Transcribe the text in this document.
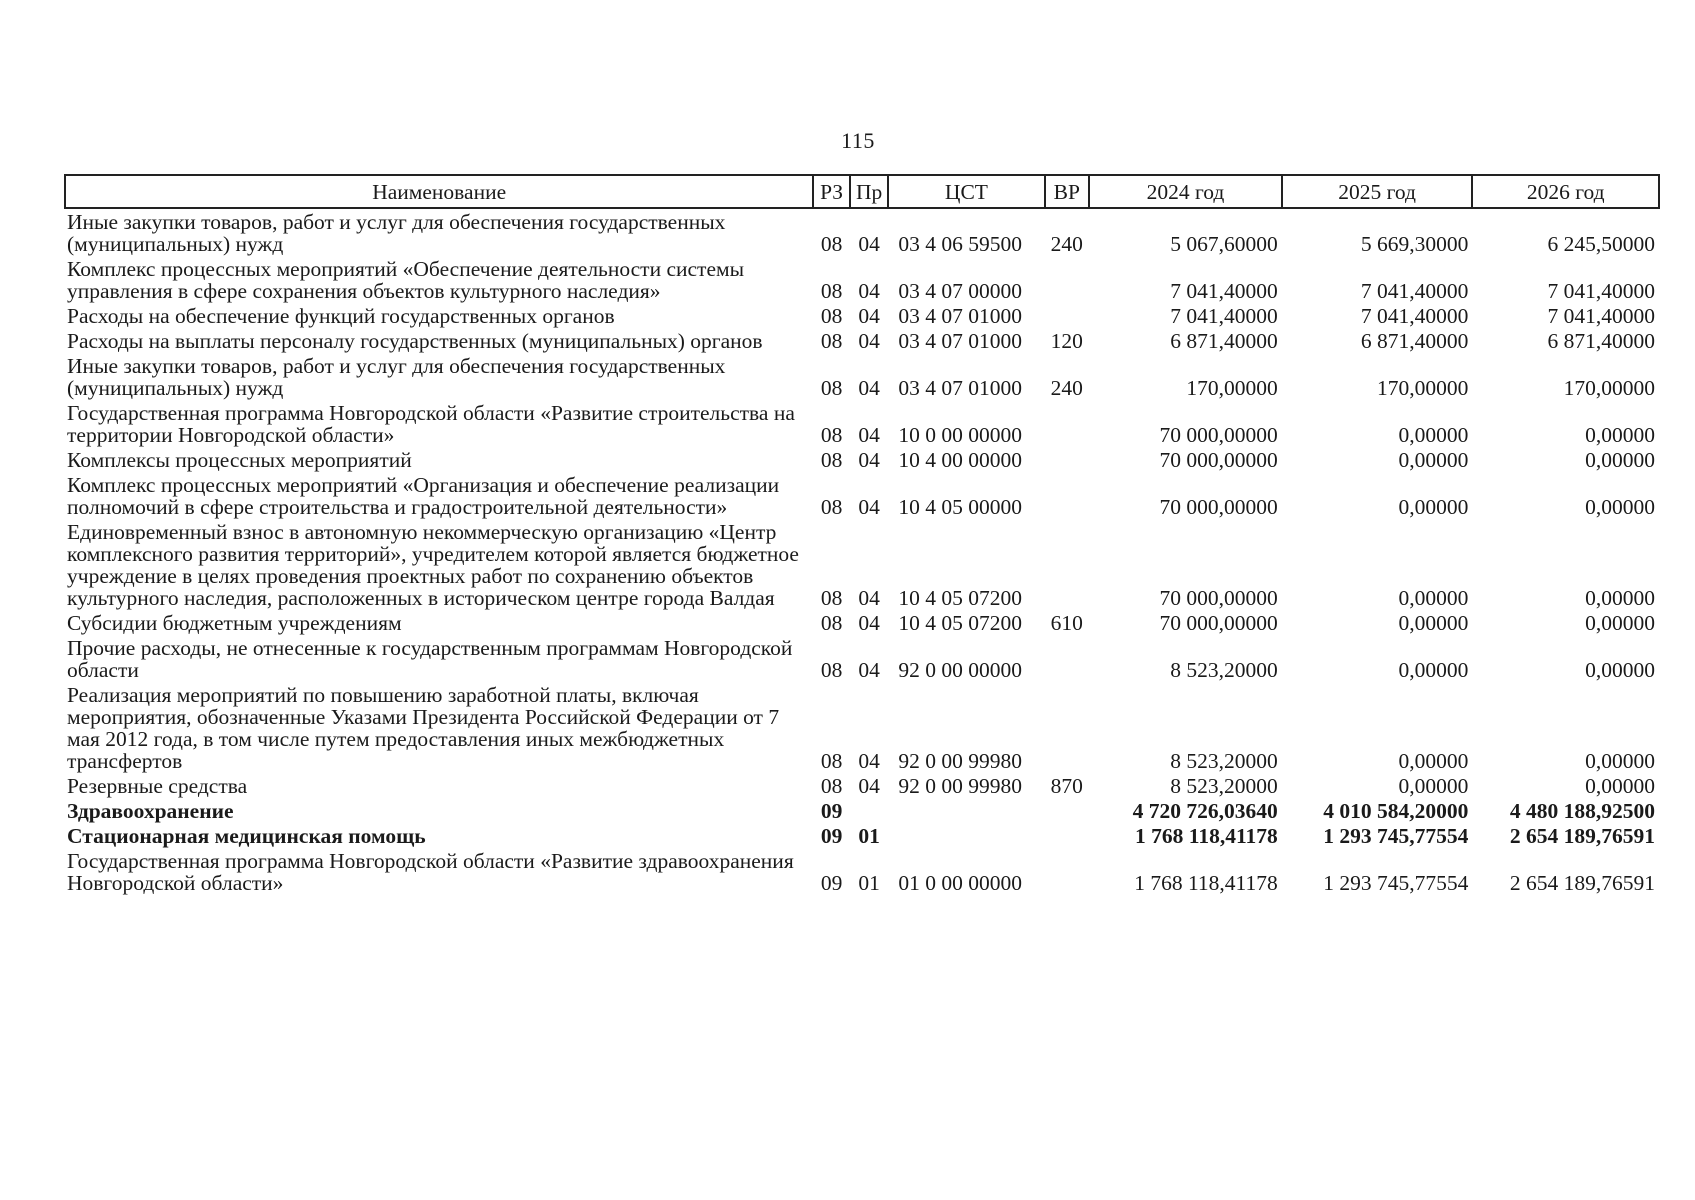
115
Наименование	РЗ	Пр	ЦСТ	ВР	2024 год	2025 год	2026 год
Иные закупки товаров, работ и услуг для обеспечения государственных (муниципальных) нужд	08	04	03 4 06 59500	240	5 067,60000	5 669,30000	6 245,50000
Комплекс процессных мероприятий «Обеспечение деятельности системы управления в сфере сохранения объектов культурного наследия»	08	04	03 4 07 00000		7 041,40000	7 041,40000	7 041,40000
Расходы на обеспечение функций государственных органов	08	04	03 4 07 01000		7 041,40000	7 041,40000	7 041,40000
Расходы на выплаты персоналу государственных (муниципальных) органов	08	04	03 4 07 01000	120	6 871,40000	6 871,40000	6 871,40000
Иные закупки товаров, работ и услуг для обеспечения государственных (муниципальных) нужд	08	04	03 4 07 01000	240	170,00000	170,00000	170,00000
Государственная программа Новгородской области «Развитие строительства на территории Новгородской области»	08	04	10 0 00 00000		70 000,00000	0,00000	0,00000
Комплексы процессных мероприятий	08	04	10 4 00 00000		70 000,00000	0,00000	0,00000
Комплекс процессных мероприятий «Организация и обеспечение реализации полномочий в сфере строительства и градостроительной деятельности»	08	04	10 4 05 00000		70 000,00000	0,00000	0,00000
Единовременный взнос в автономную некоммерческую организацию «Центр комплексного развития территорий», учредителем которой является бюджетное учреждение в целях проведения проектных работ по сохранению объектов культурного наследия, расположенных в историческом центре города Валдая	08	04	10 4 05 07200		70 000,00000	0,00000	0,00000
Субсидии бюджетным учреждениям	08	04	10 4 05 07200	610	70 000,00000	0,00000	0,00000
Прочие расходы, не отнесенные к государственным программам Новгородской области	08	04	92 0 00 00000		8 523,20000	0,00000	0,00000
Реализация мероприятий по повышению заработной платы, включая мероприятия, обозначенные Указами Президента Российской Федерации от 7 мая 2012 года, в том числе путем предоставления иных межбюджетных трансфертов	08	04	92 0 00 99980		8 523,20000	0,00000	0,00000
Резервные средства	08	04	92 0 00 99980	870	8 523,20000	0,00000	0,00000
Здравоохранение	09				4 720 726,03640	4 010 584,20000	4 480 188,92500
Стационарная медицинская помощь	09	01			1 768 118,41178	1 293 745,77554	2 654 189,76591
Государственная программа Новгородской области «Развитие здравоохранения Новгородской области»	09	01	01 0 00 00000		1 768 118,41178	1 293 745,77554	2 654 189,76591
